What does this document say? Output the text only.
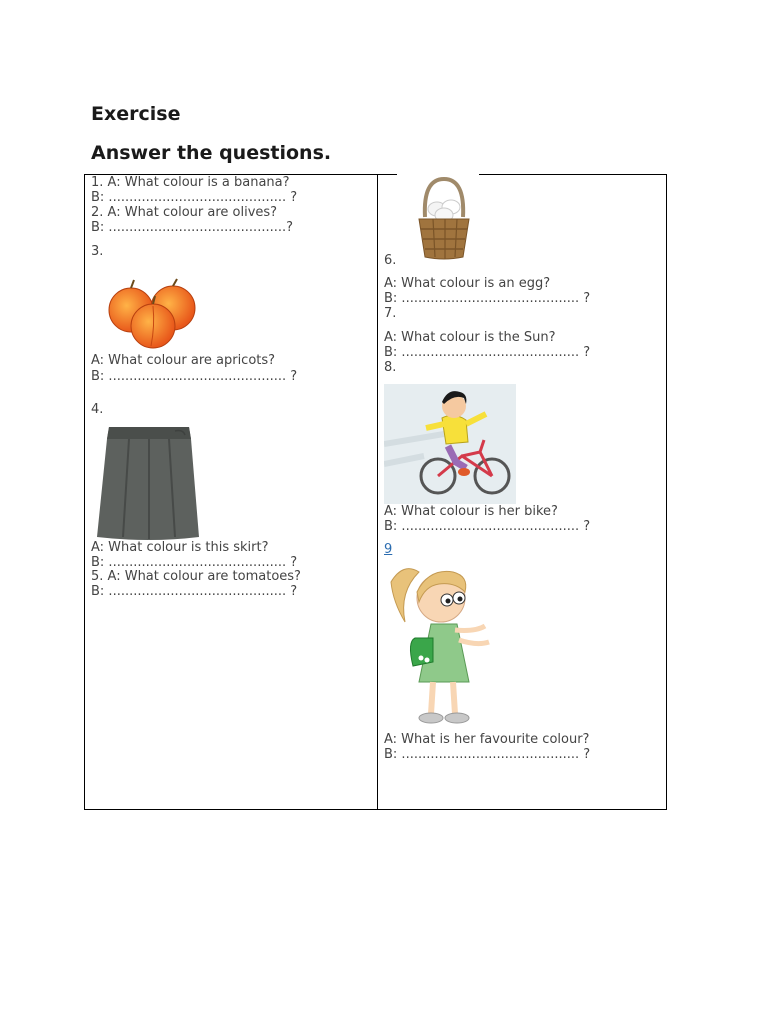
Exercise
Answer the questions.
1. A: What colour is a banana?
B: ........................................... ?
2. A: What colour are olives?
B: ...........................................?
3.
A: What colour are apricots?
B: ........................................... ?
4.
A: What colour is this skirt?
B: ........................................... ?
5. A: What colour are tomatoes?
B: ........................................... ?
6.
A: What colour is an egg?
B: ........................................... ?
7.
A: What colour is the Sun?
B: ........................................... ?
8.
A: What colour is her bike?
B: ........................................... ?
9
A: What is her favourite colour?
B: ........................................... ?
